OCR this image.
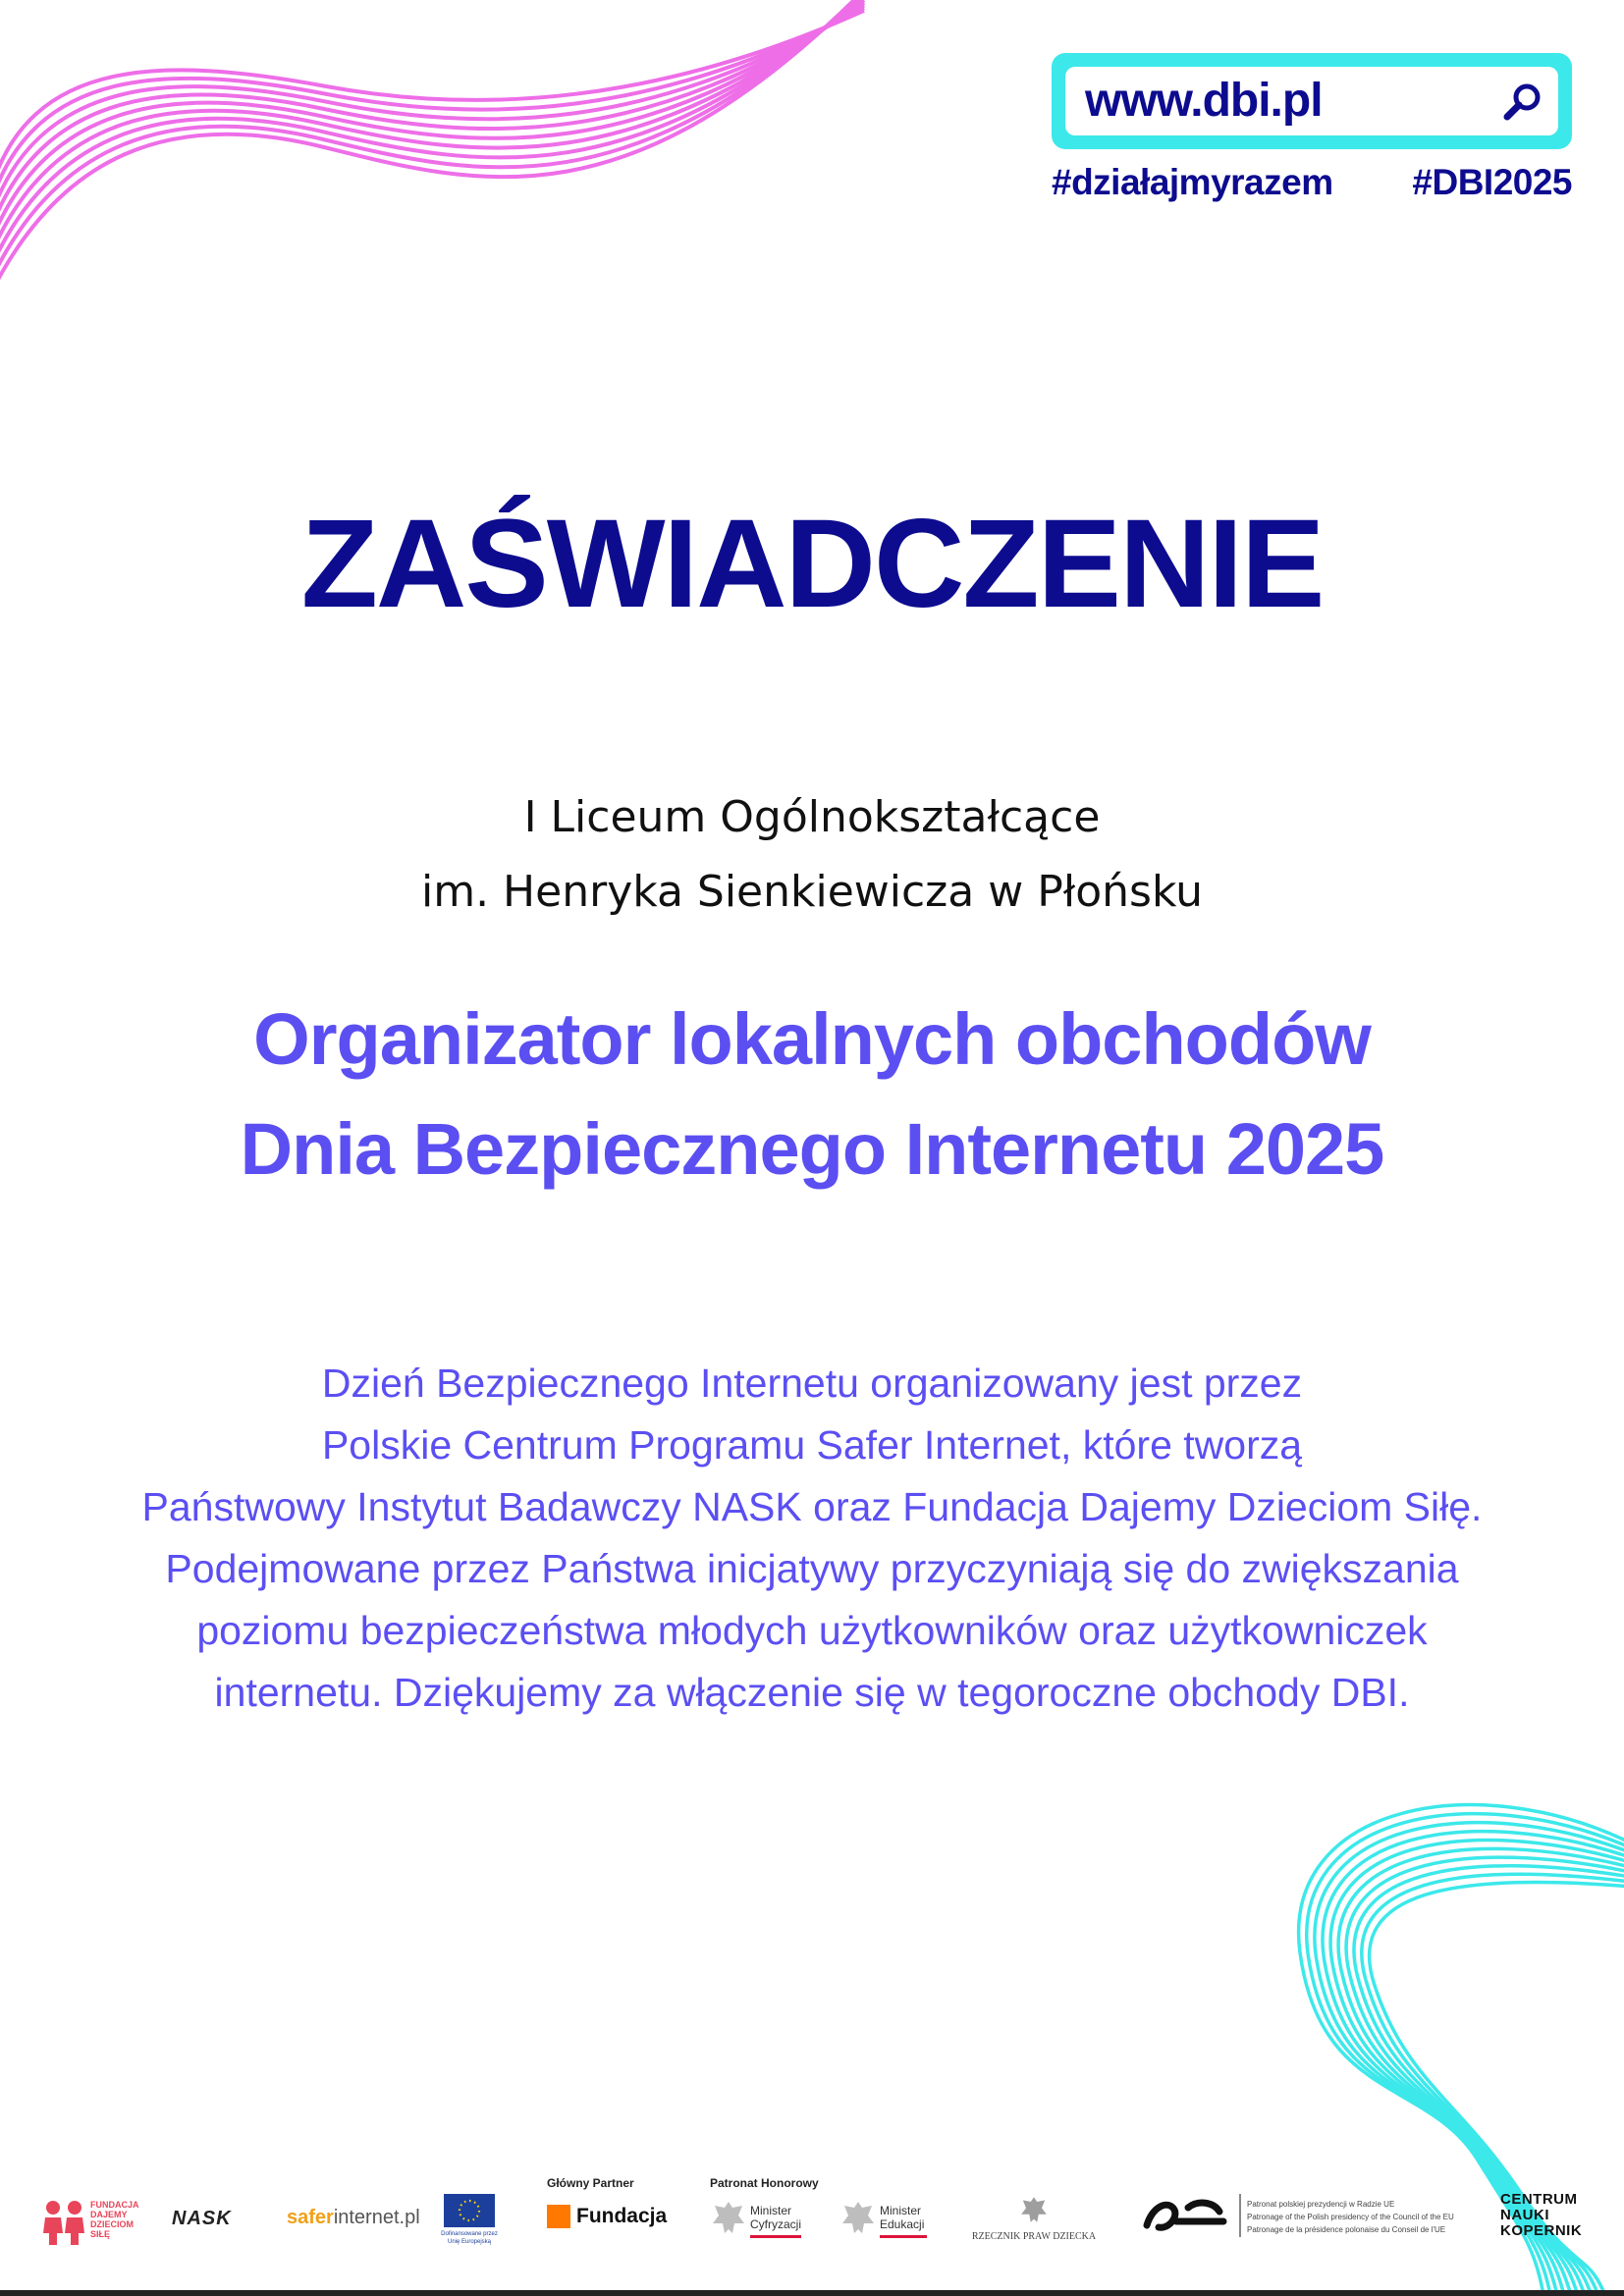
www.dbi.pl
#działajmyrazem #DBI2025
ZAŚWIADCZENIE
I Liceum Ogólnokształcące
im. Henryka Sienkiewicza w Płońsku
Organizator lokalnych obchodów
Dnia Bezpiecznego Internetu 2025
Dzień Bezpiecznego Internetu organizowany jest przez
Polskie Centrum Programu Safer Internet, które tworzą
Państwowy Instytut Badawczy NASK oraz Fundacja Dajemy Dzieciom Siłę.
Podejmowane przez Państwa inicjatywy przyczyniają się do zwiększania
poziomu bezpieczeństwa młodych użytkowników oraz użytkowniczek
internetu. Dziękujemy za włączenie się w tegoroczne obchody DBI.
FUNDACJA
DAJEMY
DZIECIOM
SIŁĘ
NASK	saferinternet.pl
Dofinansowane przez
Unię Europejską
Główny Partner
Fundacja
Patronat Honorowy
Minister
Cyfryzacji
Minister
Edukacji
RZECZNIK PRAW DZIECKA
Patronat polskiej prezydencji w Radzie UE
Patronage of the Polish presidency of the Council of the EU
Patronage de la présidence polonaise du Conseil de l'UE
CENTRUM
NAUKI
KOPERNIK
